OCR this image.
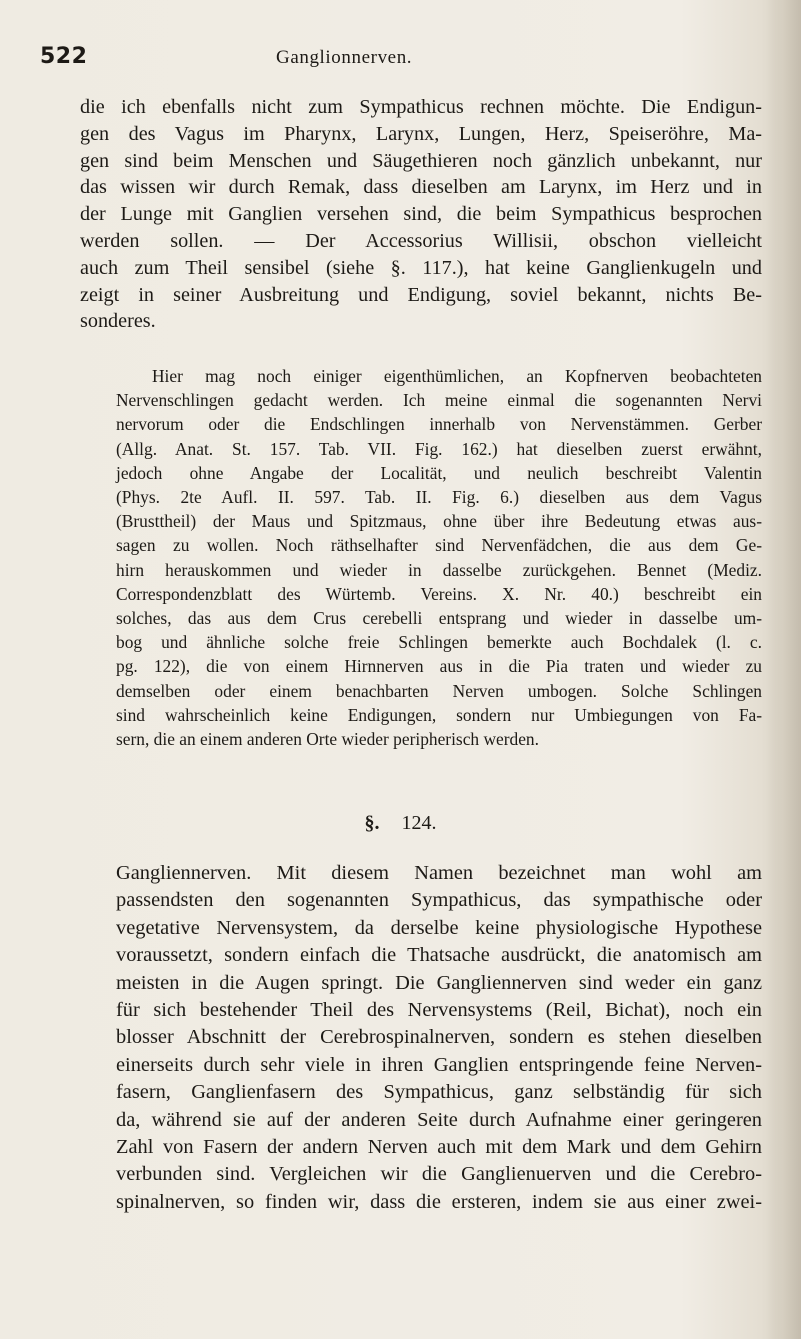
522	Ganglionnerven.
die ich ebenfalls nicht zum Sympathicus rechnen möchte. Die Endigun-
gen des Vagus im Pharynx, Larynx, Lungen, Herz, Speiseröhre, Ma-
gen sind beim Menschen und Säugethieren noch gänzlich unbekannt, nur
das wissen wir durch Remak, dass dieselben am Larynx, im Herz und in
der Lunge mit Ganglien versehen sind, die beim Sympathicus besprochen
werden sollen. — Der Accessorius Willisii, obschon vielleicht
auch zum Theil sensibel (siehe §. 117.), hat keine Ganglienkugeln und
zeigt in seiner Ausbreitung und Endigung, soviel bekannt, nichts Be-
sonderes.
Hier mag noch einiger eigenthümlichen, an Kopfnerven beobachteten
Nervenschlingen gedacht werden. Ich meine einmal die sogenannten Nervi
nervorum oder die Endschlingen innerhalb von Nervenstämmen. Gerber
(Allg. Anat. St. 157. Tab. VII. Fig. 162.) hat dieselben zuerst erwähnt,
jedoch ohne Angabe der Localität, und neulich beschreibt Valentin
(Phys. 2te Aufl. II. 597. Tab. II. Fig. 6.) dieselben aus dem Vagus
(Brusttheil) der Maus und Spitzmaus, ohne über ihre Bedeutung etwas aus-
sagen zu wollen. Noch räthselhafter sind Nervenfädchen, die aus dem Ge-
hirn herauskommen und wieder in dasselbe zurückgehen. Bennet (Mediz.
Correspondenzblatt des Würtemb. Vereins. X. Nr. 40.) beschreibt ein
solches, das aus dem Crus cerebelli entsprang und wieder in dasselbe um-
bog und ähnliche solche freie Schlingen bemerkte auch Bochdalek (l. c.
pg. 122), die von einem Hirnnerven aus in die Pia traten und wieder zu
demselben oder einem benachbarten Nerven umbogen. Solche Schlingen
sind wahrscheinlich keine Endigungen, sondern nur Umbiegungen von Fa-
sern, die an einem anderen Orte wieder peripherisch werden.
§. 124.
Gangliennerven. Mit diesem Namen bezeichnet man wohl am
passendsten den sogenannten Sympathicus, das sympathische oder
vegetative Nervensystem, da derselbe keine physiologische Hypothese
voraussetzt, sondern einfach die Thatsache ausdrückt, die anatomisch am
meisten in die Augen springt. Die Gangliennerven sind weder ein ganz
für sich bestehender Theil des Nervensystems (Reil, Bichat), noch ein
blosser Abschnitt der Cerebrospinalnerven, sondern es stehen dieselben
einerseits durch sehr viele in ihren Ganglien entspringende feine Nerven-
fasern, Ganglienfasern des Sympathicus, ganz selbständig für sich
da, während sie auf der anderen Seite durch Aufnahme einer geringeren
Zahl von Fasern der andern Nerven auch mit dem Mark und dem Gehirn
verbunden sind. Vergleichen wir die Ganglienuerven und die Cerebro-
spinalnerven, so finden wir, dass die ersteren, indem sie aus einer zwei-
